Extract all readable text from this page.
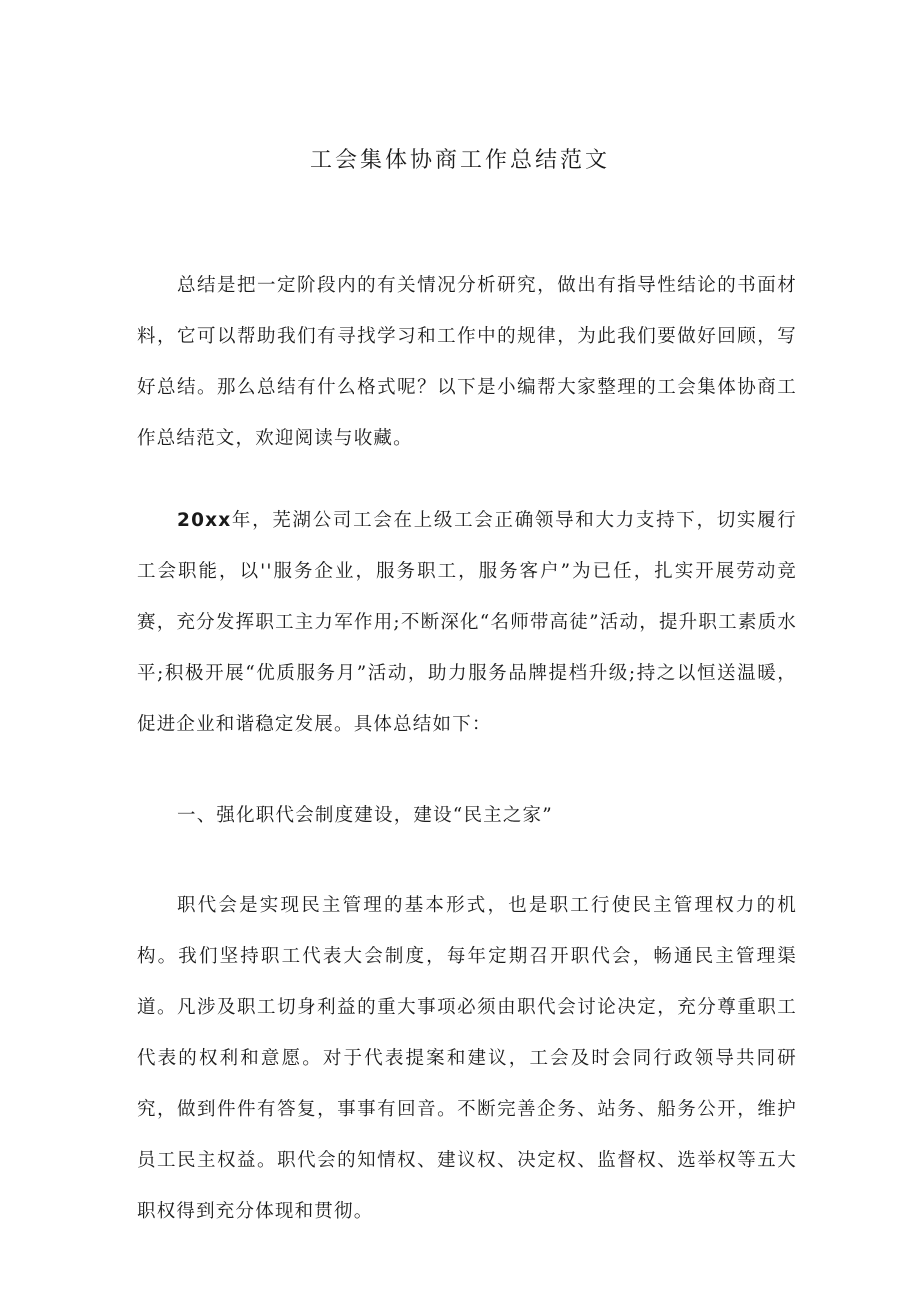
工会集体协商工作总结范文

总结是把一定阶段内的有关情况分析研究，做出有指导性结论的书面材料，它可以帮助我们有寻找学习和工作中的规律，为此我们要做好回顾，写好总结。那么总结有什么格式呢？以下是小编帮大家整理的工会集体协商工作总结范文，欢迎阅读与收藏。

20xx年，芜湖公司工会在上级工会正确领导和大力支持下，切实履行工会职能，以''服务企业，服务职工，服务客户”为已任，扎实开展劳动竞赛，充分发挥职工主力军作用;不断深化“名师带高徒”活动，提升职工素质水平;积极开展“优质服务月”活动，助力服务品牌提档升级;持之以恒送温暖，促进企业和谐稳定发展。具体总结如下：

一、强化职代会制度建设，建设“民主之家”

职代会是实现民主管理的基本形式，也是职工行使民主管理权力的机构。我们坚持职工代表大会制度，每年定期召开职代会，畅通民主管理渠道。凡涉及职工切身利益的重大事项必须由职代会讨论决定，充分尊重职工代表的权利和意愿。对于代表提案和建议，工会及时会同行政领导共同研究，做到件件有答复，事事有回音。不断完善企务、站务、船务公开，维护员工民主权益。职代会的知情权、建议权、决定权、监督权、选举权等五大职权得到充分体现和贯彻。
